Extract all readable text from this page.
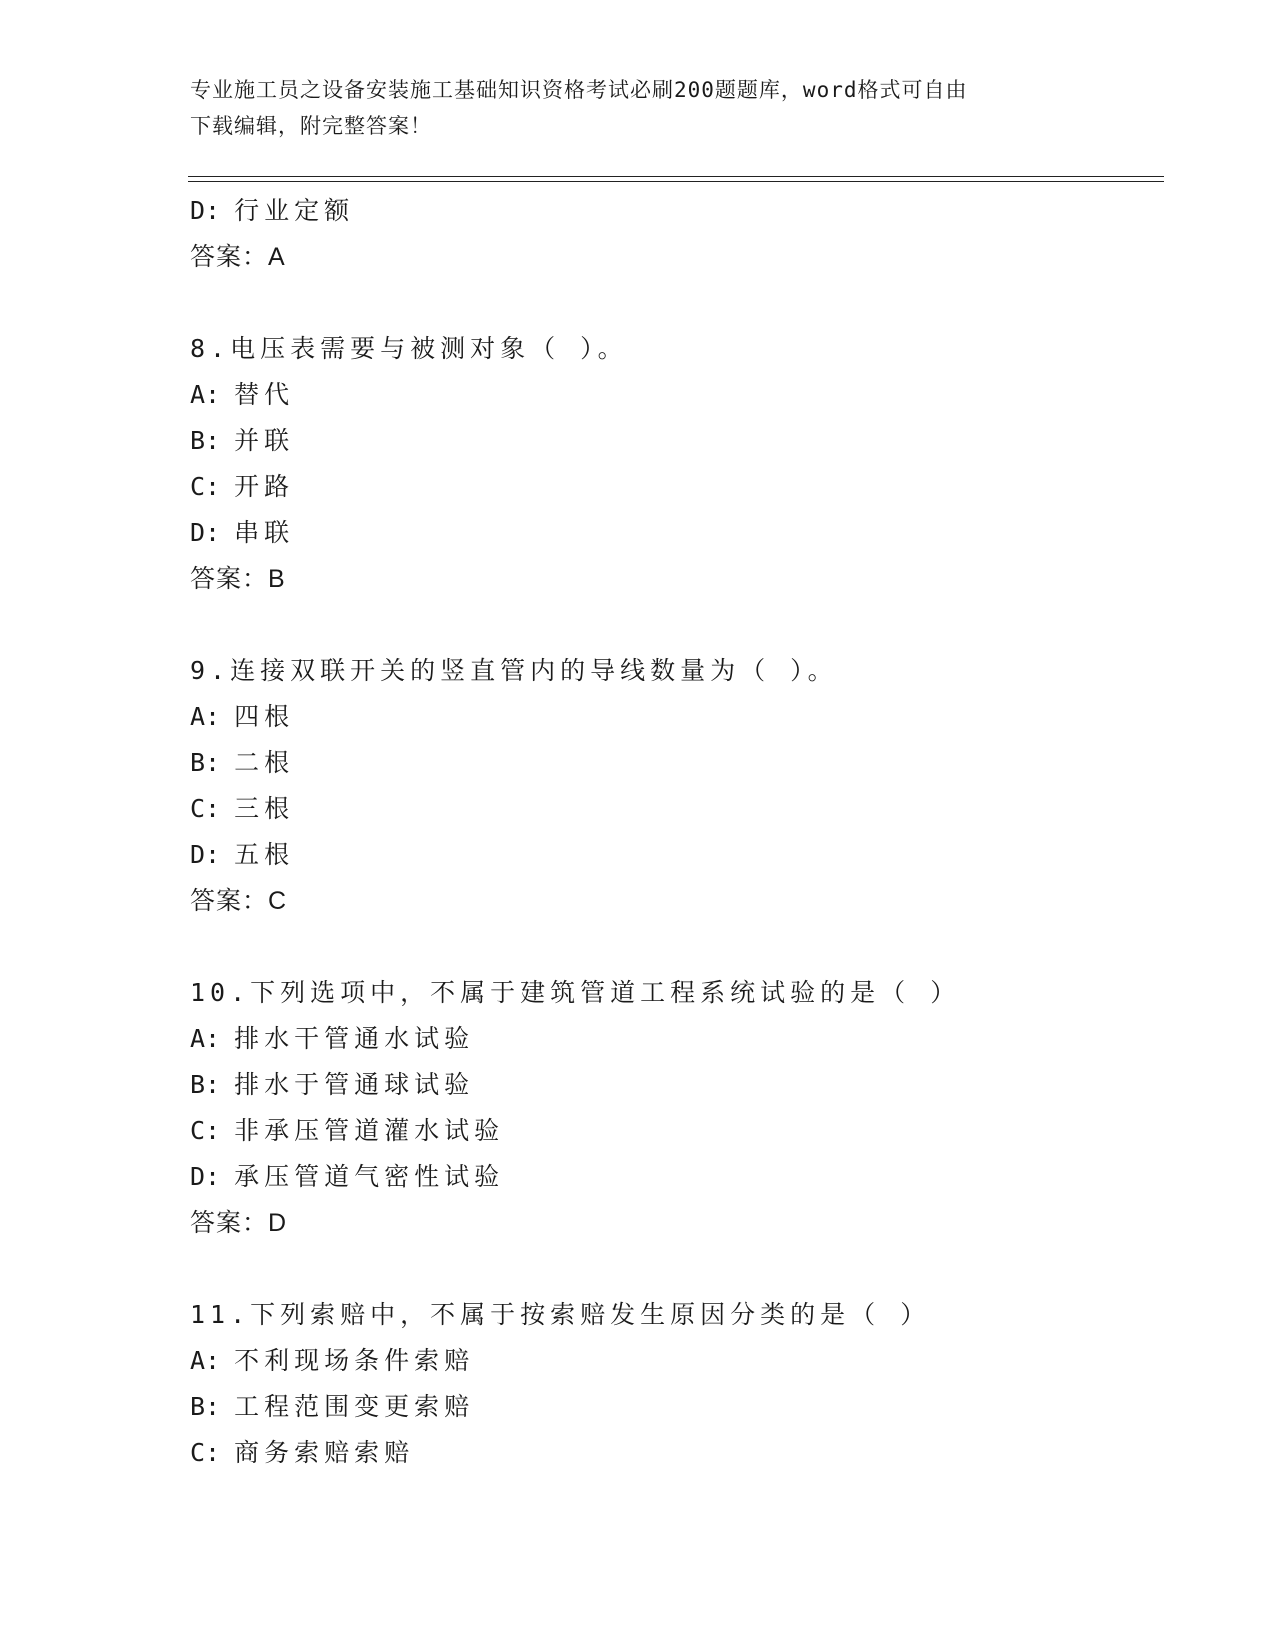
专业施工员之设备安装施工基础知识资格考试必刷200题题库，word格式可自由
下载编辑，附完整答案！
D: 行业定额
答案：A
8.电压表需要与被测对象（ ）。
A: 替代
B: 并联
C: 开路
D: 串联
答案：B
9.连接双联开关的竖直管内的导线数量为（ ）。
A: 四根
B: 二根
C: 三根
D: 五根
答案：C
10.下列选项中，不属于建筑管道工程系统试验的是（ ）
A: 排水干管通水试验
B: 排水于管通球试验
C: 非承压管道灌水试验
D: 承压管道气密性试验
答案：D
11.下列索赔中，不属于按索赔发生原因分类的是（ ）
A: 不利现场条件索赔
B: 工程范围变更索赔
C: 商务索赔索赔
